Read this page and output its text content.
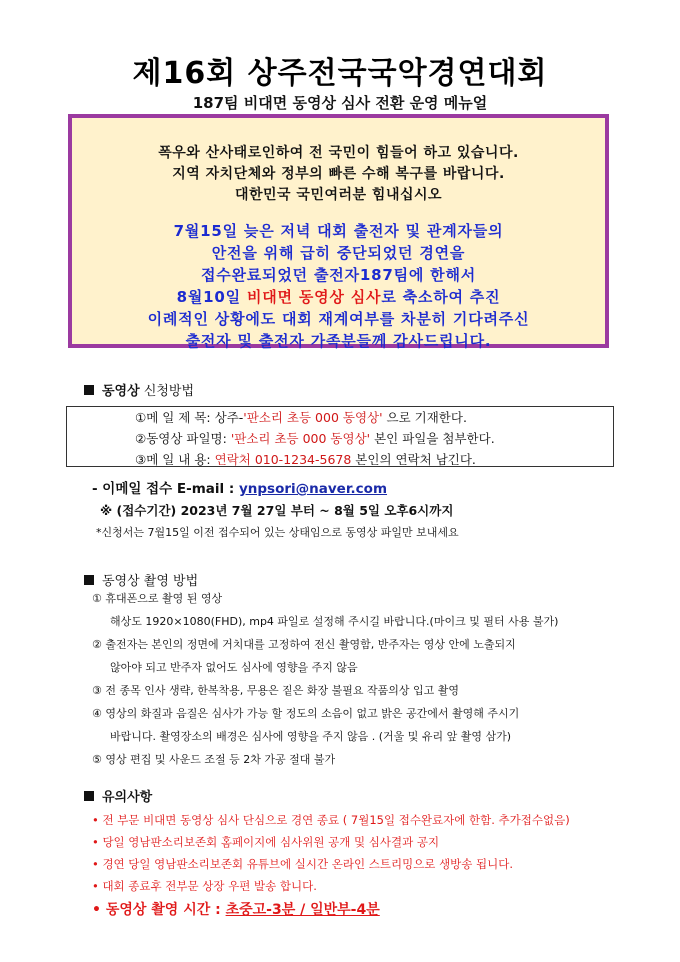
제16회 상주전국국악경연대회
187팀 비대면 동영상 심사 전환 운영 메뉴얼
폭우와 산사태로인하여 전 국민이 힘들어 하고 있습니다.
지역 자치단체와 정부의 빠른 수해 복구를 바랍니다.
대한민국 국민여러분 힘내십시오
7월15일 늦은 저녁 대회 출전자 및 관계자들의
안전을 위해 급히 중단되었던 경연을
접수완료되었던 출전자187팀에 한해서
8월10일 비대면 동영상 심사로 축소하여 추진
이례적인 상황에도 대회 재계여부를 차분히 기다려주신
출전자 및 출전자 가족분들께 감사드립니다.
동영상 신청방법
①메 일 제 목: 상주-'판소리 초등 000 동영상' 으로 기재한다.
②동영상 파일명: '판소리 초등 000 동영상' 본인 파일을 첨부한다.
③메 일 내 용: 연락처 010-1234-5678 본인의 연락처 남긴다.
- 이메일 접수 E-mail : ynpsori@naver.com
※ (접수기간) 2023년 7월 27일 부터 ~ 8월 5일 오후6시까지
*신청서는 7월15일 이전 접수되어 있는 상태임으로 동영상 파일만 보내세요
동영상 촬영 방법
① 휴대폰으로 촬영 된 영상
해상도 1920×1080(FHD), mp4 파일로 설정해 주시길 바랍니다.(마이크 및 필터 사용 불가)
② 출전자는 본인의 정면에 거치대를 고정하여 전신 촬영함, 반주자는 영상 안에 노출되지
않아야 되고 반주자 없어도 심사에 영향을 주지 않음
③ 전 종목 인사 생략, 한복착용, 무용은 짙은 화장 불필요 작품의상 입고 촬영
④ 영상의 화질과 음질은 심사가 가능 할 정도의 소음이 없고 밝은 공간에서 촬영해 주시기
바랍니다. 촬영장소의 배경은 심사에 영향을 주지 않음 . (거울 및 유리 앞 촬영 삼가)
⑤ 영상 편집 및 사운드 조절 등 2차 가공 절대 불가
유의사항
• 전 부문 비대면 동영상 심사 단심으로 경연 종료 ( 7월15일 접수완료자에 한함. 추가접수없음)
• 당일 영남판소리보존회 홈페이지에 심사위원 공개 및 심사결과 공지
• 경연 당일 영남판소리보존회 유튜브에 실시간 온라인 스트리밍으로 생방송 됩니다.
• 대회 종료후 전부문 상장 우편 발송 합니다.
• 동영상 촬영 시간 : 초중고-3분 / 일반부-4분
